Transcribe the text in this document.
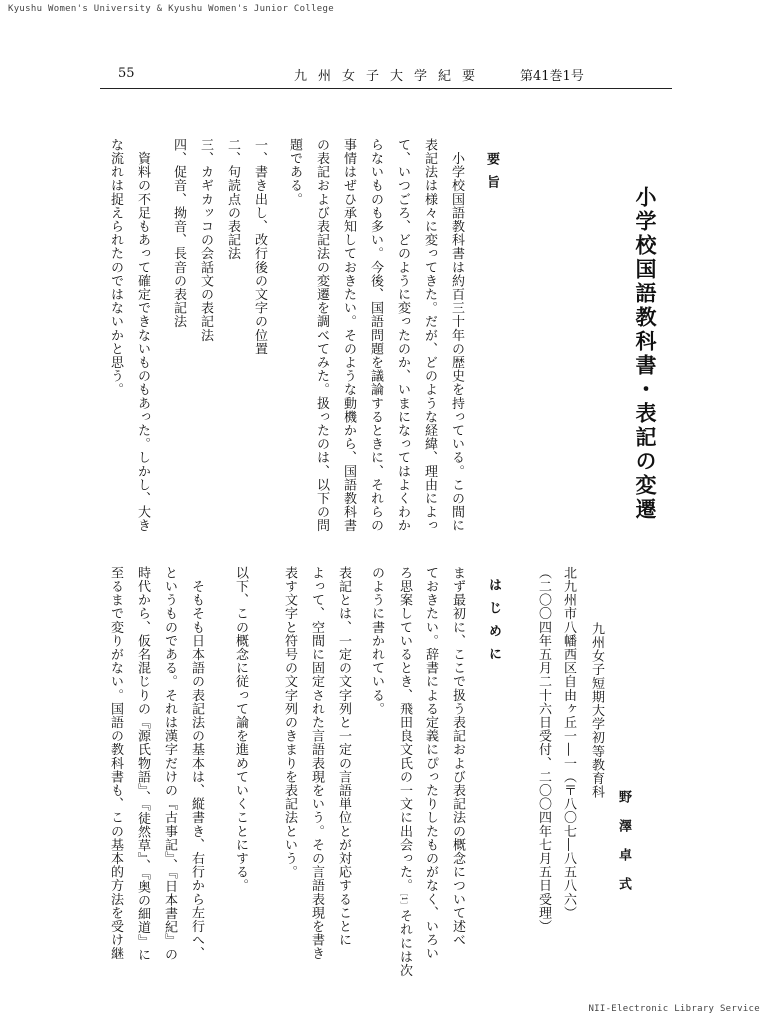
Kyushu Women's University & Kyushu Women's Junior College
55	九州女子大学紀要	第41巻1号
小学校国語教科書・表記の変遷
野澤卓式
九州女子短期大学初等教育科
北九州市八幡西区自由ヶ丘一―一（〒八〇七―八五八六）
（二〇〇四年五月二十六日受付、二〇〇四年七月五日受理）
要旨
　小学校国語教科書は約百三十年の歴史を持っている。この間に
表記法は様々に変ってきた。だが、どのような経緯、理由によっ
て、いつごろ、どのように変ったのか、いまになってはよくわか
らないものも多い。今後、国語問題を議論するときに、それらの
事情はぜひ承知しておきたい。そのような動機から、国語教科書
の表記および表記法の変遷を調べてみた。扱ったのは、以下の問
題である。
一、書き出し、改行後の文字の位置
二、句読点の表記法
三、カギカッコの会話文の表記法
四、促音、拗音、長音の表記法
　資料の不足もあって確定できないものもあった。しかし、大き
な流れは捉えられたのではないかと思う。
はじめに
まず最初に、ここで扱う表記および表記法の概念について述べ
ておきたい。辞書による定義にぴったりしたものがなく、いろい
ろ思案しているとき、飛田良文氏の一文に出会った。［1］それには次
のように書かれている。
表記とは、一定の文字列と一定の言語単位とが対応することに
よって、空間に固定された言語表現をいう。その言語表現を書き
表す文字と符号の文字列のきまりを表記法という。
以下、この概念に従って論を進めていくことにする。
　そもそも日本語の表記法の基本は、縦書き、右行から左行へ、
というものである。それは漢字だけの『古事記』、『日本書紀』の
時代から、仮名混じりの『源氏物語』、『徒然草』、『奥の細道』に
至るまで変りがない。国語の教科書も、この基本的方法を受け継
NII-Electronic Library Service
